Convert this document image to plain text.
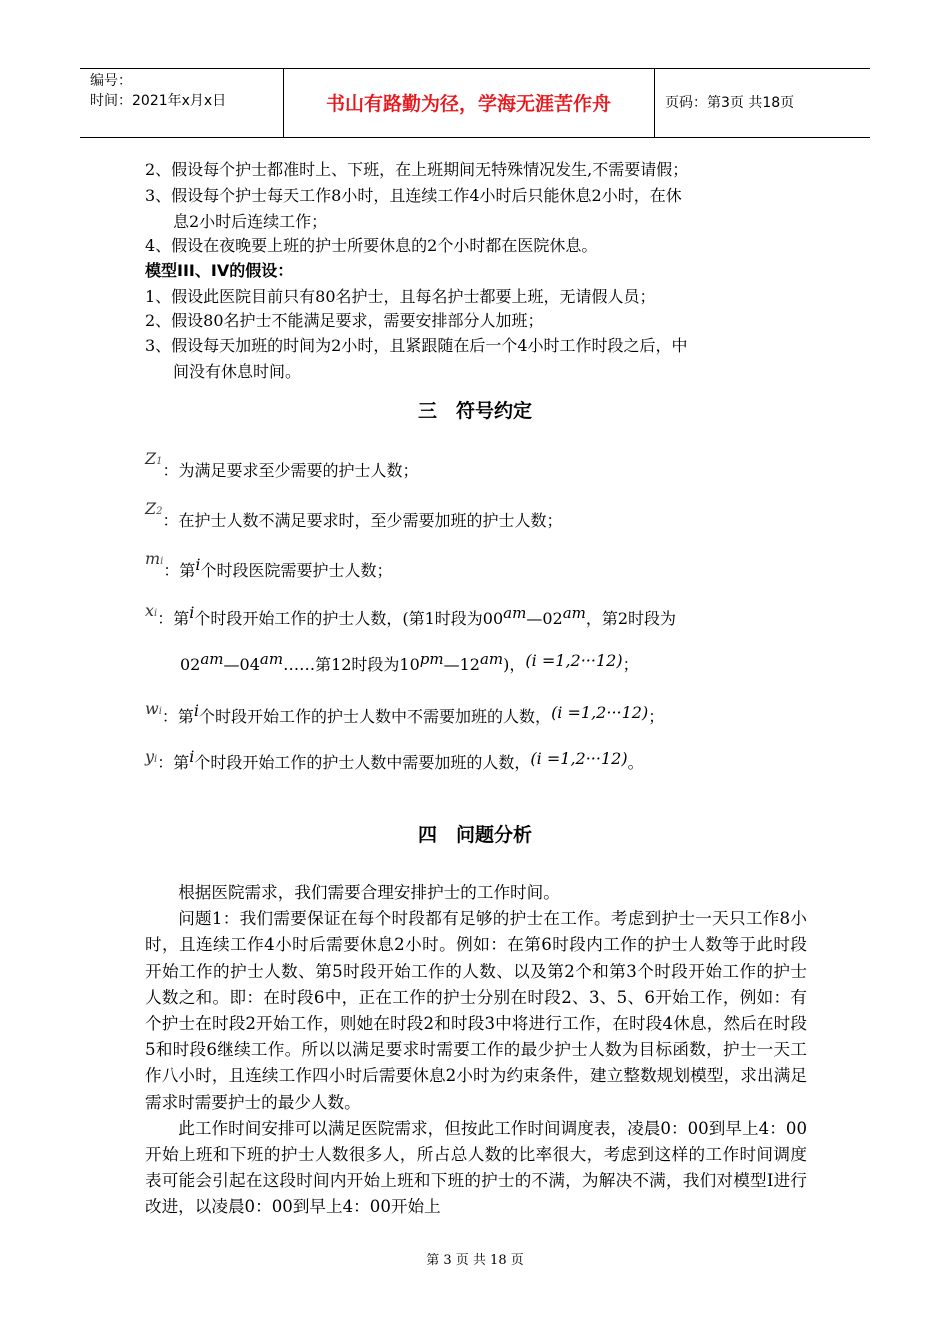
编号：
时间：2021年x月x日	书山有路勤为径，学海无涯苦作舟	页码：第3页 共18页
2、假设每个护士都准时上、下班，在上班期间无特殊情况发生,不需要请假；
3、假设每个护士每天工作8小时，且连续工作4小时后只能休息2小时，在休
息2小时后连续工作；
4、假设在夜晚要上班的护士所要休息的2个小时都在医院休息。
模型III、IV的假设：
1、假设此医院目前只有80名护士，且每名护士都要上班，无请假人员；
2、假设80名护士不能满足要求，需要安排部分人加班；
3、假设每天加班的时间为2小时，且紧跟随在后一个4小时工作时段之后，中
间没有休息时间。
三　符号约定
Z1：为满足要求至少需要的护士人数；
Z2：在护士人数不满足要求时，至少需要加班的护士人数；
mi：第i个时段医院需要护士人数；
xi：第i个时段开始工作的护士人数，(第1时段为00am—02am，第2时段为
02am—04am……第12时段为10pm—12am)，(i =1,2···12)；
wi：第i个时段开始工作的护士人数中不需要加班的人数，(i =1,2···12)；
yi：第i个时段开始工作的护士人数中需要加班的人数，(i =1,2···12)。
四　问题分析

根据医院需求，我们需要合理安排护士的工作时间。

问题1：我们需要保证在每个时段都有足够的护士在工作。考虑到护士一天只工作8小时，且连续工作4小时后需要休息2小时。例如：在第6时段内工作的护士人数等于此时段开始工作的护士人数、第5时段开始工作的人数、以及第2个和第3个时段开始工作的护士人数之和。即：在时段6中，正在工作的护士分别在时段2、3、5、6开始工作，例如：有个护士在时段2开始工作，则她在时段2和时段3中将进行工作，在时段4休息，然后在时段5和时段6继续工作。所以以满足要求时需要工作的最少护士人数为目标函数，护士一天工作八小时，且连续工作四小时后需要休息2小时为约束条件，建立整数规划模型，求出满足需求时需要护士的最少人数。

此工作时间安排可以满足医院需求，但按此工作时间调度表，凌晨0：00到早上4：00开始上班和下班的护士人数很多人，所占总人数的比率很大，考虑到这样的工作时间调度表可能会引起在这段时间内开始上班和下班的护士的不满，为解决不满，我们对模型I进行改进，以凌晨0：00到早上4：00开始上

第 3 页 共 18 页
